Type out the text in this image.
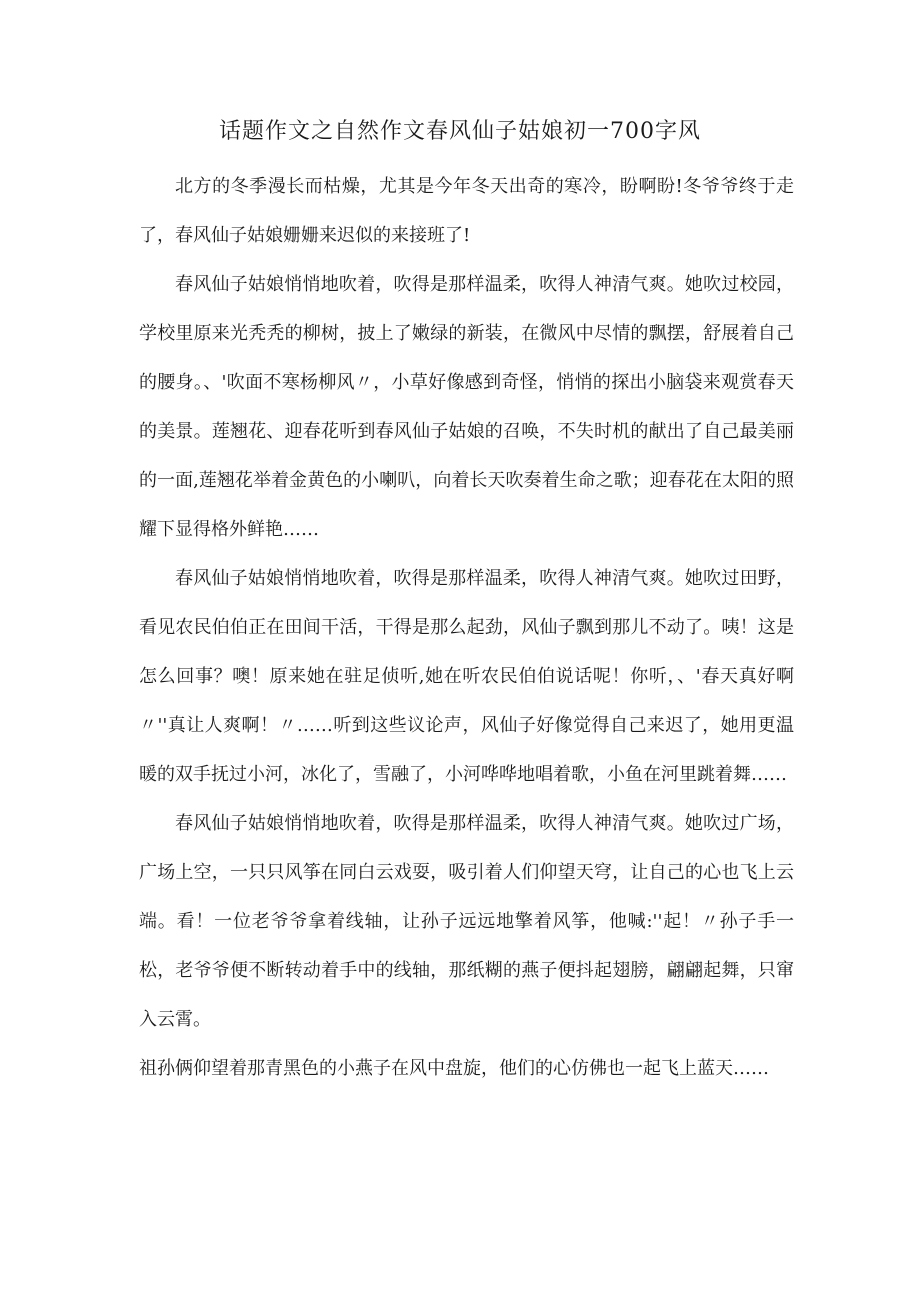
话题作文之自然作文春风仙子姑娘初一700字风

北方的冬季漫长而枯燥，尤其是今年冬天出奇的寒冷，盼啊盼!冬爷爷终于走了，春风仙子姑娘姗姗来迟似的来接班了!

春风仙子姑娘悄悄地吹着，吹得是那样温柔，吹得人神清气爽。她吹过校园，学校里原来光秃秃的柳树，披上了嫩绿的新装，在微风中尽情的飘摆，舒展着自己的腰身。、'吹面不寒杨柳风〃，小草好像感到奇怪，悄悄的探出小脑袋来观赏春天的美景。莲翘花、迎春花听到春风仙子姑娘的召唤，不失时机的献出了自己最美丽的一面,莲翘花举着金黄色的小喇叭，向着长天吹奏着生命之歌；迎春花在太阳的照耀下显得格外鲜艳……

春风仙子姑娘悄悄地吹着，吹得是那样温柔，吹得人神清气爽。她吹过田野，看见农民伯伯正在田间干活，干得是那么起劲，风仙子飘到那儿不动了。咦！这是怎么回事？噢！原来她在驻足侦听,她在听农民伯伯说话呢！你听，、'春天真好啊〃''真让人爽啊！〃……听到这些议论声，风仙子好像觉得自己来迟了，她用更温暖的双手抚过小河，冰化了，雪融了，小河哗哗地唱着歌，小鱼在河里跳着舞……

春风仙子姑娘悄悄地吹着，吹得是那样温柔，吹得人神清气爽。她吹过广场，广场上空，一只只风筝在同白云戏耍，吸引着人们仰望天穹，让自己的心也飞上云端。看！一位老爷爷拿着线轴，让孙子远远地擎着风筝，他喊:''起！〃孙子手一松，老爷爷便不断转动着手中的线轴，那纸糊的燕子便抖起翅膀，翩翩起舞，只窜入云霄。

祖孙俩仰望着那青黑色的小燕子在风中盘旋，他们的心仿佛也一起飞上蓝天……
